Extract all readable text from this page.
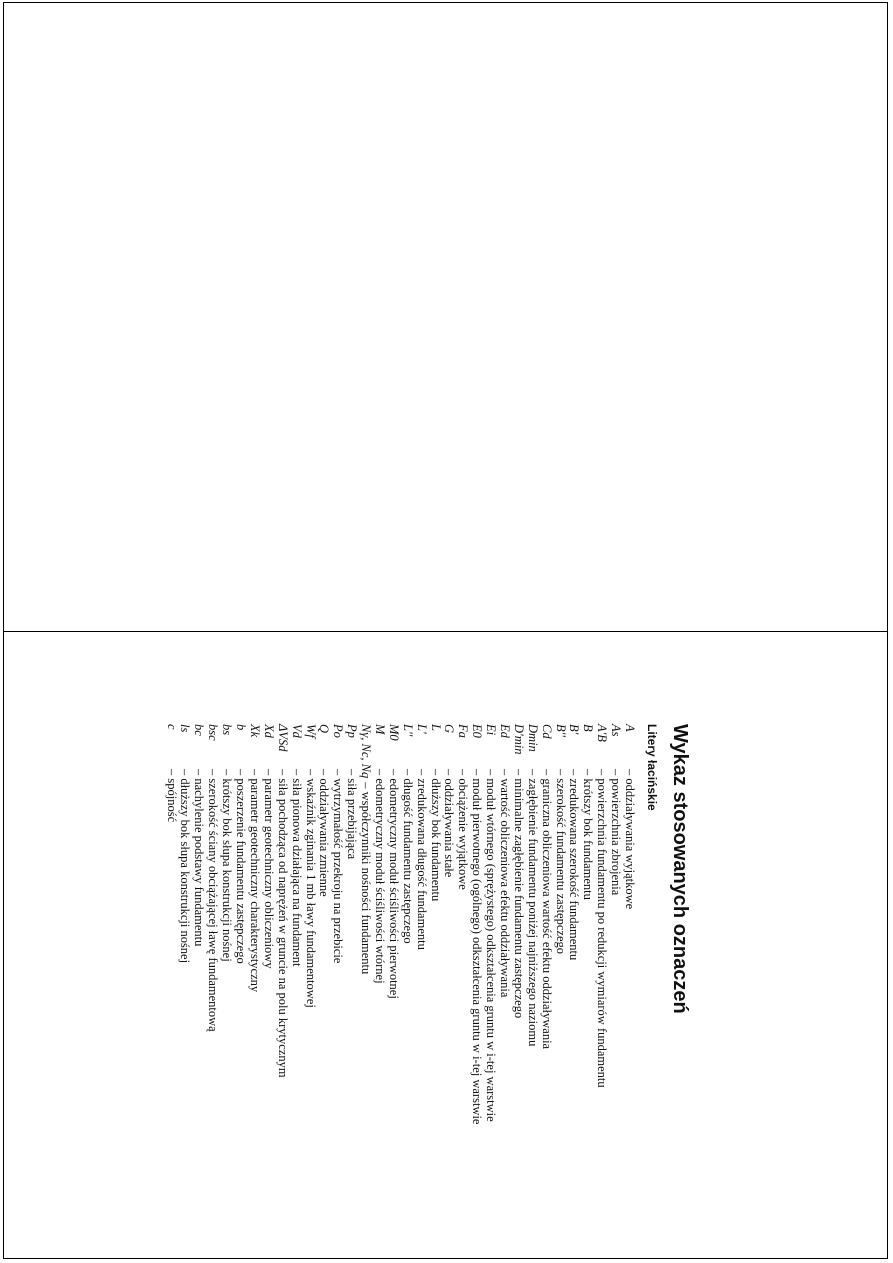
Wykaz stosowanych oznaczeń
Litery łacińskie
A
– oddziaływania wyjątkowe
As
– powierzchnia zbrojenia
A'B
– powierzchnia fundamentu po redukcji wymiarów fundamentu
B
– krótszy bok fundamentu
B'
– zredukowana szerokość fundamentu
B''
– szerokość fundamentu zastępczego
Cd
– graniczna obliczeniowa wartość efektu oddziaływania
Dmin
– zagłębienie fundamentu poniżej najniższego naziomu
D'min
– minimalne zagłębienie fundamentu zastępczego
Ed
– wartość obliczeniowa efektu oddziaływania
Ei
– moduł wtórnego (sprężystego) odkształcenia gruntu w i-tej warstwie
E0
– moduł pierwotnego (ogólnego) odkształcenia gruntu w i-tej warstwie
Fa
– obciążenie wyjątkowe
G
– oddziaływania stałe
L
– dłuższy bok fundamentu
L'
– zredukowana długość fundamentu
L''
– długość fundamentu zastępczego
M0
– edometryczny moduł ściśliwości pierwotnej
M
– edometryczny moduł ściśliwości wtórnej
Nγ, Nc, Nq
– współczynniki nośności fundamentu
Pp
– siła przebijająca
Po
– wytrzymałość przekroju na przebicie
Q
– oddziaływania zmienne
Wf
– wskaźnik zginania 1 mb ławy fundamentowej
Vd
– siła pionowa działająca na fundament
ΔVSd
– siła pochodząca od naprężeń w gruncie na polu krytycznym
Xd
– parametr geotechniczny obliczeniowy
Xk
– parametr geotechniczny charakterystyczny
b
– poszerzenie fundamentu zastępczego
bs
– krótszy bok słupa konstrukcji nośnej
bsc
– szerokość ściany obciążającej ławę fundamentową
bc
– nachylenie podstawy fundamentu
ls
– dłuższy bok słupa konstrukcji nośnej
c
– spójność
